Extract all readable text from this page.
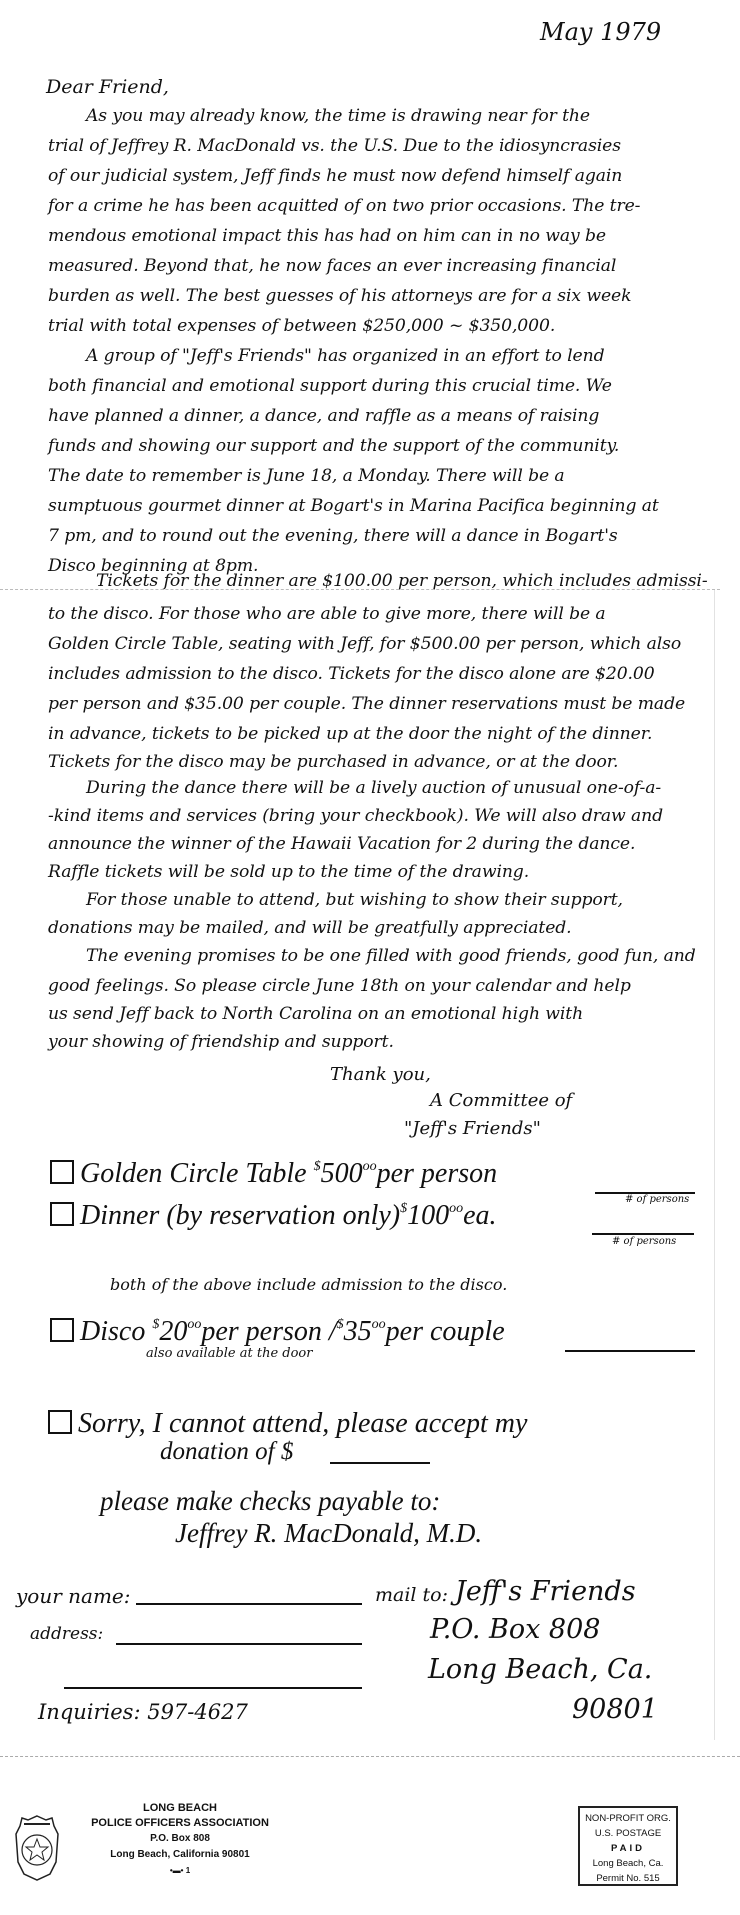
May 1979
Dear Friend,
As you may already know, the time is drawing near for the
trial of Jeffrey R. MacDonald vs. the U.S. Due to the idiosyncrasies
of our judicial system, Jeff finds he must now defend himself again
for a crime he has been acquitted of on two prior occasions. The tre-
mendous emotional impact this has had on him can in no way be
measured. Beyond that, he now faces an ever increasing financial
burden as well. The best guesses of his attorneys are for a six week
trial with total expenses of between $250,000 ~ $350,000.
A group of "Jeff's Friends" has organized in an effort to lend
both financial and emotional support during this crucial time. We
have planned a dinner, a dance, and raffle as a means of raising
funds and showing our support and the support of the community.
The date to remember is June 18, a Monday. There will be a
sumptuous gourmet dinner at Bogart's in Marina Pacifica beginning at
7 pm, and to round out the evening, there will a dance in Bogart's
Disco beginning at 8pm.
Tickets for the dinner are $100.00 per person, which includes admissi-
to the disco. For those who are able to give more, there will be a
Golden Circle Table, seating with Jeff, for $500.00 per person, which also
includes admission to the disco. Tickets for the disco alone are $20.00
per person and $35.00 per couple. The dinner reservations must be made
in advance, tickets to be picked up at the door the night of the dinner.
Tickets for the disco may be purchased in advance, or at the door.
During the dance there will be a lively auction of unusual one-of-a-
-kind items and services (bring your checkbook). We will also draw and
announce the winner of the Hawaii Vacation for 2 during the dance.
Raffle tickets will be sold up to the time of the drawing.
For those unable to attend, but wishing to show their support,
donations may be mailed, and will be greatfully appreciated.
The evening promises to be one filled with good friends, good fun, and
good feelings. So please circle June 18th on your calendar and help
us send Jeff back to North Carolina on an emotional high with
your showing of friendship and support.
Thank you,
A Committee of
"Jeff's Friends"
Golden Circle Table $^{\$}500^{oo}per$ person
# of persons
Dinner (by reservation $only)^{\$}100^{oo}ea$.
# of persons
both of the above include admission to the disco.
Disco $^{\$}20^{oo}per$ person $/^{\$}35^{oo}per$ couple
also available at the door
Sorry, I cannot attend, please accept my
donation of $
please make checks payable to:
Jeffrey R. MacDonald, M.D.
your name:
address:
Inquiries: 597-4627
mail to: Jeff's Friends
P.O. Box 808
Long Beach, Ca.
90801
LONG BEACH
POLICE OFFICERS ASSOCIATION
P.O. Box 808
Long Beach, California 90801
•▬• 1
NON-PROFIT ORG.
U.S. POSTAGE
PAID
Long Beach, Ca.
Permit No. 515
